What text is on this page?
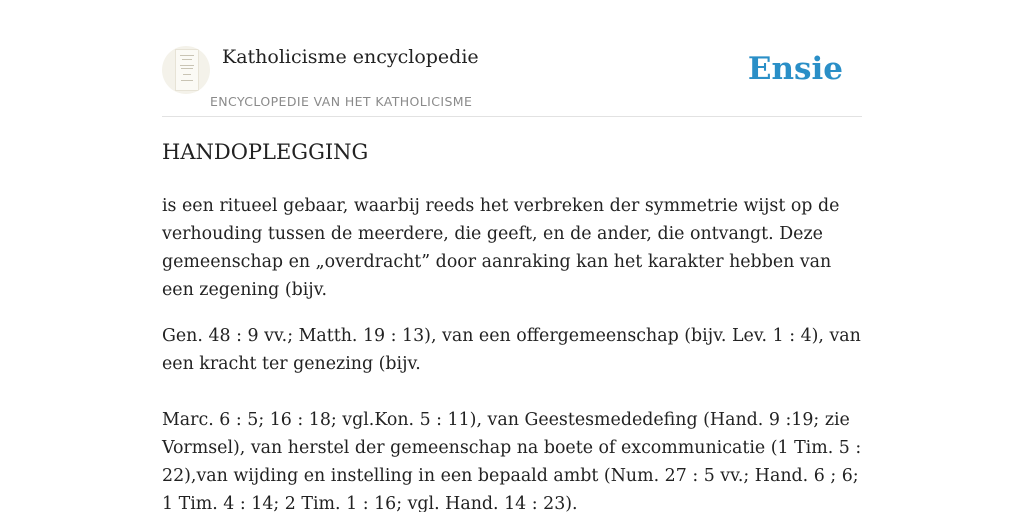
Katholicisme encyclopedie
ENCYCLOPEDIE VAN HET KATHOLICISME
Ensie
HANDOPLEGGING

is een ritueel gebaar, waarbij reeds het verbreken der symmetrie wijst op de verhouding tussen de meerdere, die geeft, en de ander, die ontvangt. Deze gemeenschap en „overdracht” door aanraking kan het karakter hebben van een zegening (bijv.

Gen. 48 : 9 vv.; Matth. 19 : 13), van een offergemeenschap (bijv. Lev. 1 : 4), van een kracht ter genezing (bijv.

Marc. 6 : 5; 16 : 18; vgl.Kon. 5 : 11), van Geestesmededefing (Hand. 9 :19; zie Vormsel), van herstel der gemeenschap na boete of excommunicatie (1 Tim. 5 : 22),van wijding en instelling in een bepaald ambt (Num. 27 : 5 vv.; Hand. 6 ; 6; 1 Tim. 4 : 14; 2 Tim. 1 : 16; vgl. Hand. 14 : 23).
